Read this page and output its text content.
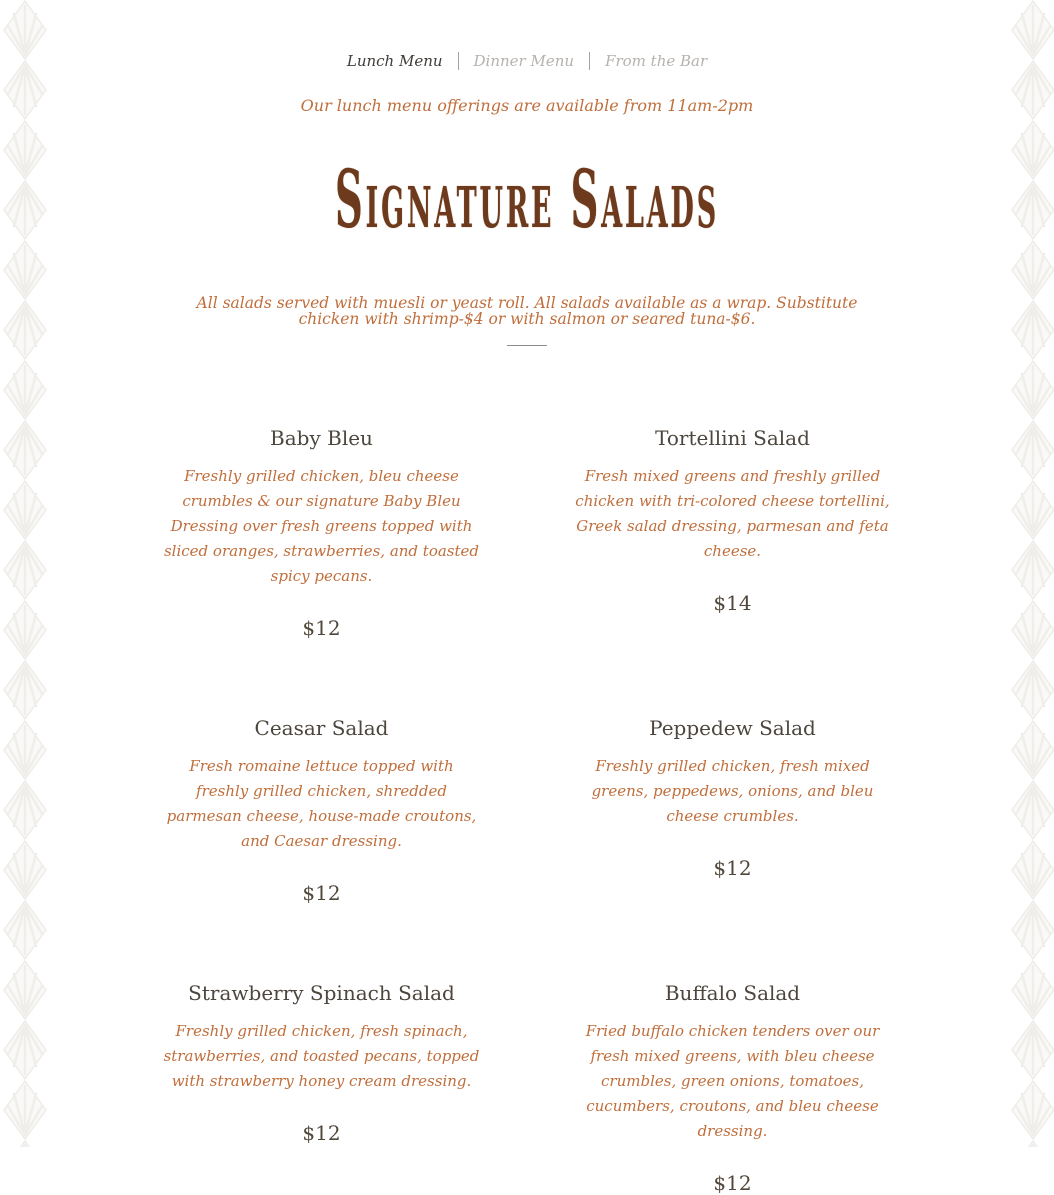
Lunch Menu Dinner Menu From the Bar

Our lunch menu offerings are available from 11am-2pm

Signature Salads

All salads served with muesli or yeast roll. All salads available as a wrap. Substitute chicken with shrimp-$4 or with salmon or seared tuna-$6.

Baby Bleu

Freshly grilled chicken, bleu cheese crumbles & our signature Baby Bleu Dressing over fresh greens topped with sliced oranges, strawberries, and toasted spicy pecans.

$12
Tortellini Salad

Fresh mixed greens and freshly grilled chicken with tri-colored cheese tortellini, Greek salad dressing, parmesan and feta cheese.

$14
Ceasar Salad

Fresh romaine lettuce topped with freshly grilled chicken, shredded parmesan cheese, house-made croutons, and Caesar dressing.

$12
Peppedew Salad

Freshly grilled chicken, fresh mixed greens, peppedews, onions, and bleu cheese crumbles.

$12
Strawberry Spinach Salad

Freshly grilled chicken, fresh spinach, strawberries, and toasted pecans, topped with strawberry honey cream dressing.

$12
Buffalo Salad

Fried buffalo chicken tenders over our fresh mixed greens, with bleu cheese crumbles, green onions, tomatoes, cucumbers, croutons, and bleu cheese dressing.

$12
